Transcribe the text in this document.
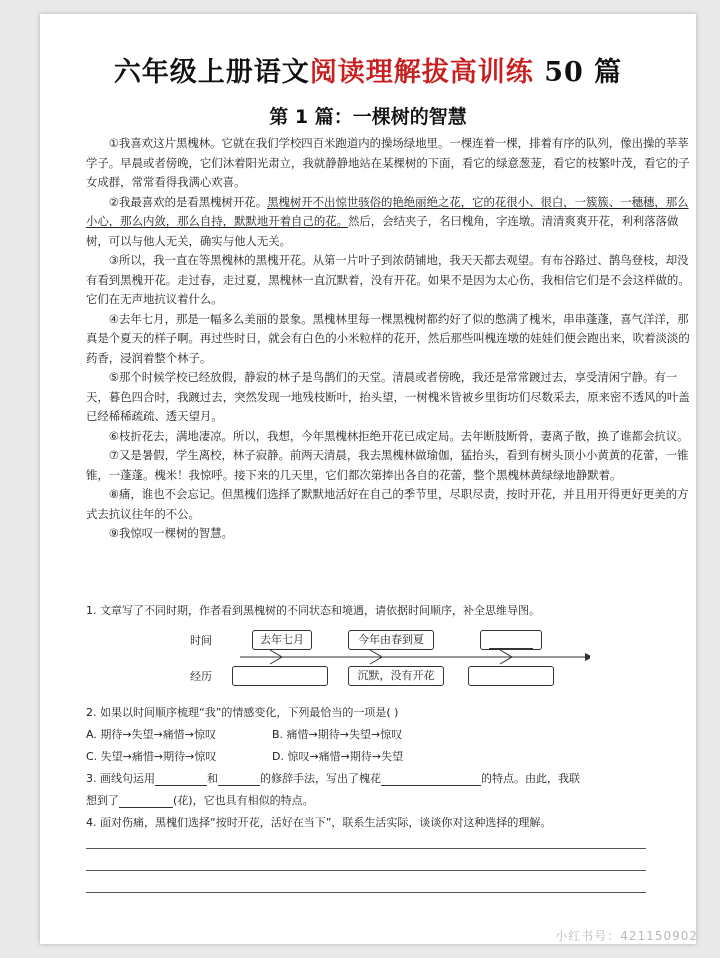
六年级上册语文阅读理解拔高训练 50 篇
第 1 篇：一棵树的智慧

①我喜欢这片黑槐林。它就在我们学校四百米跑道内的操场绿地里。一棵连着一棵，排着有序的队列，像出操的莘莘学子。早晨或者傍晚，它们沐着阳光肃立，我就静静地站在某棵树的下面，看它的绿意葱茏，看它的枝繁叶茂，看它的子女成群，常常看得我满心欢喜。

②我最喜欢的是看黑槐树开花。黑槐树开不出惊世骇俗的艳绝丽绝之花，它的花很小、很白，一簇簇、一穗穗，那么小心，那么内敛，那么自持，默默地开着自己的花。然后，会结夹子，名曰槐角，字连墩。清清爽爽开花，利利落落做树，可以与他人无关，确实与他人无关。

③所以，我一直在等黑槐林的黑槐开花。从第一片叶子到浓荫铺地，我天天都去观望。有布谷路过、鹊鸟登枝，却没有看到黑槐开花。走过春，走过夏，黑槐林一直沉默着，没有开花。如果不是因为太心伤，我相信它们是不会这样做的。它们在无声地抗议着什么。

④去年七月，那是一幅多么美丽的景象。黑槐林里每一棵黑槐树都约好了似的憋满了槐米，串串蓬蓬，喜气洋洋，那真是个夏天的样子啊。再过些时日，就会有白色的小米粒样的花开，然后那些叫槐连墩的娃娃们便会跑出来，吹着淡淡的药香，浸润着整个林子。

⑤那个时候学校已经放假，静寂的林子是鸟鹊们的天堂。清晨或者傍晚，我还是常常踱过去，享受清闲宁静。有一天，暮色四合时，我踱过去，突然发现一地残枝断叶，抬头望，一树槐米皆被乡里街坊们尽数采去，原来密不透风的叶盖已经稀稀疏疏、透天望月。

⑥枝折花去，满地凄凉。所以，我想，今年黑槐林拒绝开花已成定局。去年断肢断骨，妻离子散，换了谁都会抗议。

⑦又是暑假，学生离校，林子寂静。前两天清晨，我去黑槐林做瑜伽，猛抬头，看到有树头顶小小黄黄的花蕾，一锥锥，一蓬蓬。槐米！我惊呼。接下来的几天里，它们都次第捧出各自的花蕾，整个黑槐林黄绿绿地静默着。

⑧痛，谁也不会忘记。但黑槐们选择了默默地活好在自己的季节里，尽职尽责，按时开花，并且用开得更好更美的方式去抗议往年的不公。

⑨我惊叹一棵树的智慧。

1. 文章写了不同时期，作者看到黑槐树的不同状态和境遇，请依据时间顺序，补全思维导图。
时间
经历
去年七月	今年由春到夏
沉默，没有开花
2. 如果以时间顺序梳理“我”的情感变化，下列最恰当的一项是( )
A. 期待→失望→痛惜→惊叹	B. 痛惜→期待→失望→惊叹
C. 失望→痛惜→期待→惊叹	D. 惊叹→痛惜→期待→失望
3. 画线句运用	和	的修辞手法，写出了槐花	的特点。由此，我联
想到了	(花)，它也具有相似的特点。
4. 面对伤痛，黑槐们选择“按时开花，活好在当下”，联系生活实际，谈谈你对这种选择的理解。
小红书号：421150902
